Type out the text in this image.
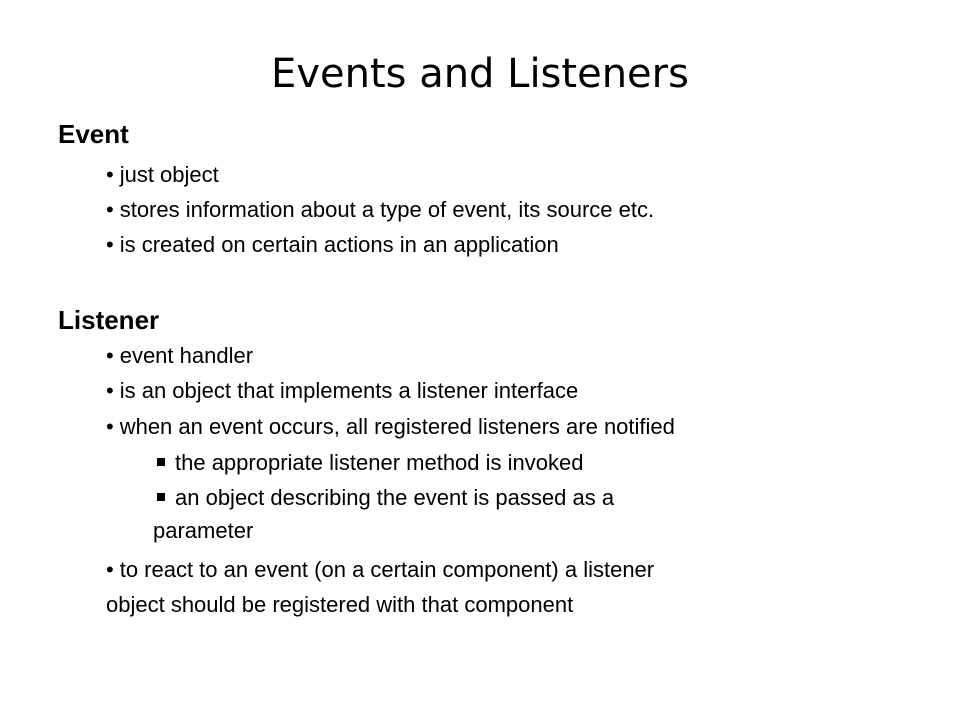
Events and Listeners
Event
• just object
• stores information about a type of event, its source etc.
• is created on certain actions in an application
Listener
• event handler
• is an object that implements a listener interface
• when an event occurs, all registered listeners are notified
the appropriate listener method is invoked
an object describing the event is passed as a
parameter
• to react to an event (on a certain component) a listener
object should be registered with that component
